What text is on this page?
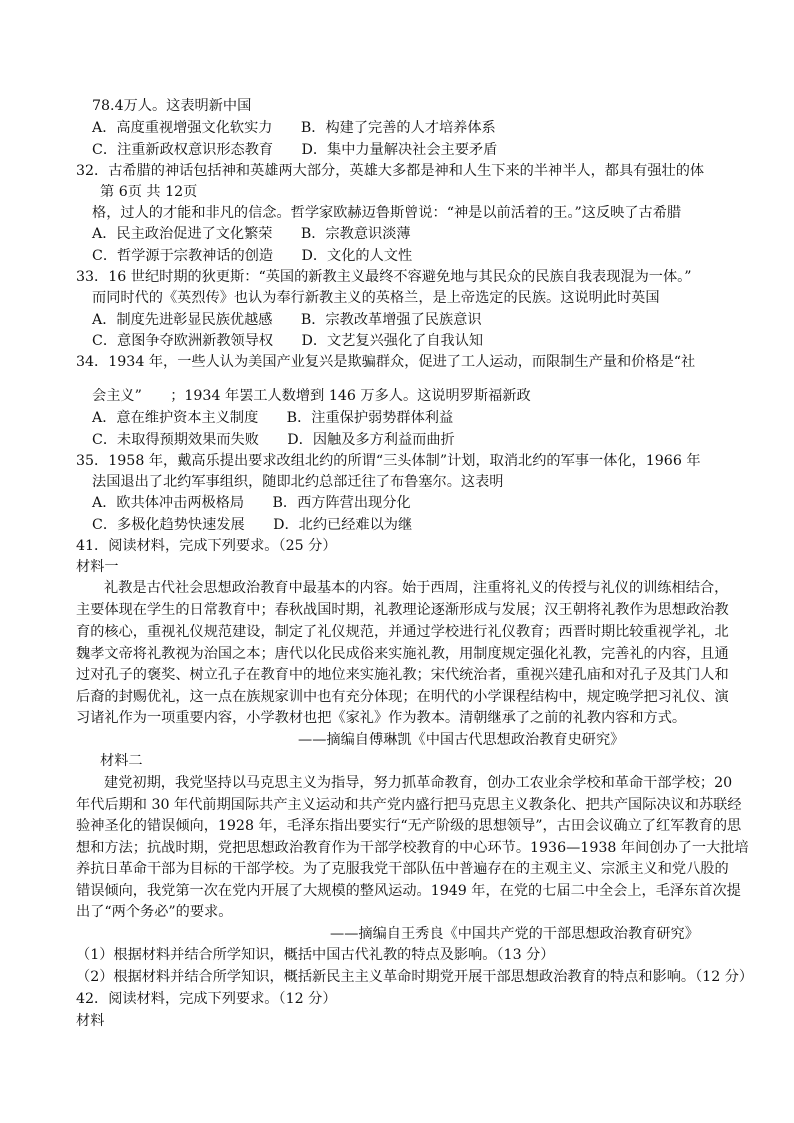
78.4万人。这表明新中国
A．高度重视增强文化软实力　　B．构建了完善的人才培养体系
C．注重新政权意识形态教育　　D．集中力量解决社会主要矛盾
32．古希腊的神话包括神和英雄两大部分，英雄大多都是神和人生下来的半神半人，都具有强壮的体
第 6页 共 12页
格，过人的才能和非凡的信念。哲学家欧赫迈鲁斯曾说：“神是以前活着的王。”这反映了古希腊
A．民主政治促进了文化繁荣　　B．宗教意识淡薄
C．哲学源于宗教神话的创造　　D．文化的人文性
33．16 世纪时期的狄更斯：“英国的新教主义最终不容避免地与其民众的民族自我表现混为一体。”
而同时代的《英烈传》也认为奉行新教主义的英格兰，是上帝选定的民族。这说明此时英国
A．制度先进彰显民族优越感　　B．宗教改革增强了民族意识
C．意图争夺欧洲新教领导权　　D．文艺复兴强化了自我认知
34．1934 年，一些人认为美国产业复兴是欺骗群众，促进了工人运动，而限制生产量和价格是“社
会主义”　　；1934 年罢工人数增到 146 万多人。这说明罗斯福新政
A．意在维护资本主义制度　　B．注重保护弱势群体利益
C．未取得预期效果而失败　　D．因触及多方利益而曲折
35．1958 年，戴高乐提出要求改组北约的所谓“三头体制”计划，取消北约的军事一体化，1966 年
法国退出了北约军事组织，随即北约总部迁往了布鲁塞尔。这表明
A．欧共体冲击两极格局　　B．西方阵营出现分化
C．多极化趋势快速发展　　D．北约已经难以为继
41．阅读材料，完成下列要求。（25 分）
材料一
礼教是古代社会思想政治教育中最基本的内容。始于西周，注重将礼义的传授与礼仪的训练相结合，
主要体现在学生的日常教育中；春秋战国时期，礼教理论逐渐形成与发展；汉王朝将礼教作为思想政治教
育的核心，重视礼仪规范建设，制定了礼仪规范，并通过学校进行礼仪教育；西晋时期比较重视学礼，北
魏孝文帝将礼教视为治国之本；唐代以化民成俗来实施礼教，用制度规定强化礼教，完善礼的内容，且通
过对孔子的褒奖、树立孔子在教育中的地位来实施礼教；宋代统治者，重视兴建孔庙和对孔子及其门人和
后裔的封赐优礼，这一点在族规家训中也有充分体现；在明代的小学课程结构中，规定晚学把习礼仪、演
习诸礼作为一项重要内容，小学教材也把《家礼》作为教本。清朝继承了之前的礼教内容和方式。
——摘编自傅琳凯《中国古代思想政治教育史研究》
材料二
建党初期，我党坚持以马克思主义为指导，努力抓革命教育，创办工农业余学校和革命干部学校；20
年代后期和 30 年代前期国际共产主义运动和共产党内盛行把马克思主义教条化、把共产国际决议和苏联经
验神圣化的错误倾向，1928 年，毛泽东指出要实行“无产阶级的思想领导”，古田会议确立了红军教育的思
想和方法；抗战时期，党把思想政治教育作为干部学校教育的中心环节。1936—1938 年间创办了一大批培
养抗日革命干部为目标的干部学校。为了克服我党干部队伍中普遍存在的主观主义、宗派主义和党八股的
错误倾向，我党第一次在党内开展了大规模的整风运动。1949 年，在党的七届二中全会上，毛泽东首次提
出了“两个务必”的要求。
——摘编自王秀良《中国共产党的干部思想政治教育研究》
（1）根据材料并结合所学知识，概括中国古代礼教的特点及影响。（13 分）
（2）根据材料并结合所学知识，概括新民主主义革命时期党开展干部思想政治教育的特点和影响。（12 分）
42．阅读材料，完成下列要求。（12 分）
材料
